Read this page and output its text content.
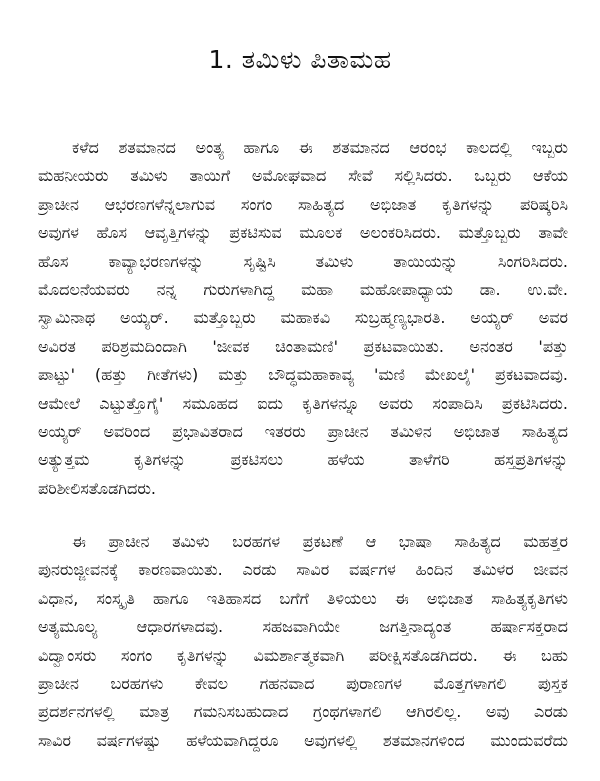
1. ತಮಿಳು ಪಿತಾಮಹ
ಕಳೆದ ಶತಮಾನದ ಅಂತ್ಯ ಹಾಗೂ ಈ ಶತಮಾನದ ಆರಂಭ ಕಾಲದಲ್ಲಿ ಇಬ್ಬರು
ಮಹನೀಯರು ತಮಿಳು ತಾಯಿಗೆ ಅಮೋಘವಾದ ಸೇವೆ ಸಲ್ಲಿಸಿದರು. ಒಬ್ಬರು ಆಕೆಯ
ಪ್ರಾಚೀನ ಆಭರಣಗಳೆನ್ನಲಾಗುವ ಸಂಗಂ ಸಾಹಿತ್ಯದ ಅಭಿಜಾತ ಕೃತಿಗಳನ್ನು ಪರಿಷ್ಕರಿಸಿ
ಅವುಗಳ ಹೊಸ ಆವೃತ್ತಿಗಳನ್ನು ಪ್ರಕಟಿಸುವ ಮೂಲಕ ಅಲಂಕರಿಸಿದರು. ಮತ್ತೊಬ್ಬರು ತಾವೇ
ಹೊಸ ಕಾವ್ಯಾಭರಣಗಳನ್ನು ಸೃಷ್ಟಿಸಿ ತಮಿಳು ತಾಯಿಯನ್ನು ಸಿಂಗರಿಸಿದರು.
ಮೊದಲನೆಯವರು ನನ್ನ ಗುರುಗಳಾಗಿದ್ದ ಮಹಾ ಮಹೋಪಾಧ್ಯಾಯ ಡಾ. ಉ.ವೇ.
ಸ್ವಾಮಿನಾಥ ಅಯ್ಯರ್. ಮತ್ತೊಬ್ಬರು ಮಹಾಕವಿ ಸುಬ್ರಹ್ಮಣ್ಯಭಾರತಿ. ಅಯ್ಯರ್ ಅವರ
ಅವಿರತ ಪರಿಶ್ರಮದಿಂದಾಗಿ 'ಜೀವಕ ಚಿಂತಾಮಣಿ' ಪ್ರಕಟವಾಯಿತು. ಅನಂತರ 'ಪತ್ತು
ಪಾಟ್ಟು' (ಹತ್ತು ಗೀತೆಗಳು) ಮತ್ತು ಬೌದ್ಧಮಹಾಕಾವ್ಯ 'ಮಣಿ ಮೇಖಲೈ' ಪ್ರಕಟವಾದವು.
ಆಮೇಲೆ ಎಟ್ಟುತ್ತೊಗೈ' ಸಮೂಹದ ಐದು ಕೃತಿಗಳನ್ನೂ ಅವರು ಸಂಪಾದಿಸಿ ಪ್ರಕಟಿಸಿದರು.
ಅಯ್ಯರ್ ಅವರಿಂದ ಪ್ರಭಾವಿತರಾದ ಇತರರು ಪ್ರಾಚೀನ ತಮಿಳಿನ ಅಭಿಜಾತ ಸಾಹಿತ್ಯದ
ಅತ್ಯುತ್ತಮ ಕೃತಿಗಳನ್ನು ಪ್ರಕಟಿಸಲು ಹಳೆಯ ತಾಳೆಗರಿ ಹಸ್ತಪ್ರತಿಗಳನ್ನು
ಪರಿಶೀಲಿಸತೊಡಗಿದರು.
ಈ ಪ್ರಾಚೀನ ತಮಿಳು ಬರಹಗಳ ಪ್ರಕಟಣೆ ಆ ಭಾಷಾ ಸಾಹಿತ್ಯದ ಮಹತ್ತರ
ಪುನರುಜ್ಜೀವನಕ್ಕೆ ಕಾರಣವಾಯಿತು. ಎರಡು ಸಾವಿರ ವರ್ಷಗಳ ಹಿಂದಿನ ತಮಿಳರ ಜೀವನ
ವಿಧಾನ, ಸಂಸ್ಕೃತಿ ಹಾಗೂ ಇತಿಹಾಸದ ಬಗೆಗೆ ತಿಳಿಯಲು ಈ ಅಭಿಜಾತ ಸಾಹಿತ್ಯಕೃತಿಗಳು
ಅತ್ಯಮೂಲ್ಯ ಆಧಾರಗಳಾದವು. ಸಹಜವಾಗಿಯೇ ಜಗತ್ತಿನಾದ್ಯಂತ ಹರ್ಷಾಸಕ್ತರಾದ
ವಿದ್ವಾಂಸರು ಸಂಗಂ ಕೃತಿಗಳನ್ನು ವಿಮರ್ಶಾತ್ಮಕವಾಗಿ ಪರೀಕ್ಷಿಸತೊಡಗಿದರು. ಈ ಬಹು
ಪ್ರಾಚೀನ ಬರಹಗಳು ಕೇವಲ ಗಹನವಾದ ಪುರಾಣಗಳ ಮೊತ್ತಗಳಾಗಲಿ ಪುಸ್ತಕ
ಪ್ರದರ್ಶನಗಳಲ್ಲಿ ಮಾತ್ರ ಗಮನಿಸಬಹುದಾದ ಗ್ರಂಥಗಳಾಗಲಿ ಆಗಿರಲಿಲ್ಲ. ಅವು ಎರಡು
ಸಾವಿರ ವರ್ಷಗಳಷ್ಟು ಹಳೆಯವಾಗಿದ್ದರೂ ಅವುಗಳಲ್ಲಿ ಶತಮಾನಗಳಿಂದ ಮುಂದುವರೆದು
